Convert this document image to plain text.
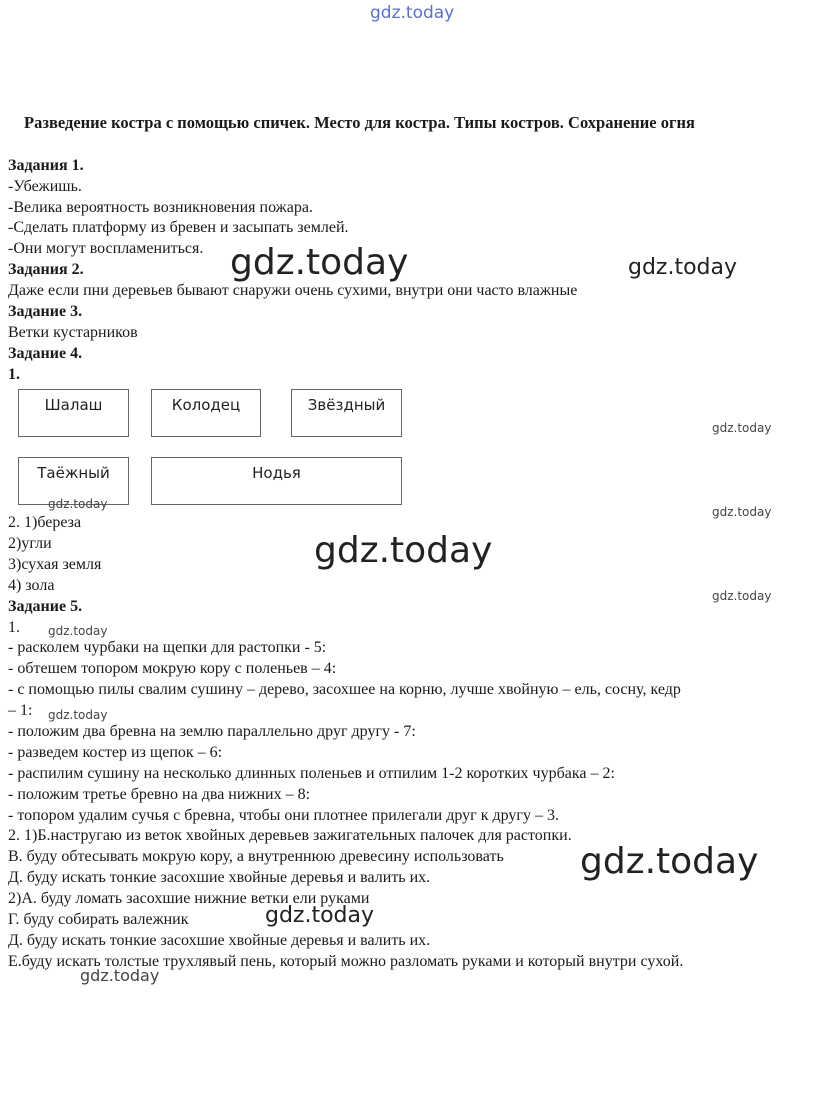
gdz.today
Разведение костра с помощью спичек. Место для костра. Типы костров. Сохранение огня
Задания 1.
-Убежишь.
-Велика вероятность возникновения пожара.
-Сделать платформу из бревен и засыпать землей.
-Они могут воспламениться.
Задания 2.
Даже если пни деревьев бывают снаружи очень сухими, внутри они часто влажные
Задание 3.
Ветки кустарников
Задание 4.
1.
Шалаш	Колодец	Звёздный
Таёжный	Нодья
2. 1)береза
2)угли
3)сухая земля
4) зола
Задание 5.
1.
- расколем чурбаки на щепки для растопки - 5:
- обтешем топором мокрую кору с поленьев – 4:
- с помощью пилы свалим сушину – дерево, засохшее на корню, лучше хвойную – ель, сосну, кедр
– 1:
- положим два бревна на землю параллельно друг другу - 7:
- разведем костер из щепок – 6:
- распилим сушину на несколько длинных поленьев и отпилим 1-2 коротких чурбака – 2:
- положим третье бревно на два нижних – 8:
- топором удалим сучья с бревна, чтобы они плотнее прилегали друг к другу – 3.
2. 1)Б.настругаю из веток хвойных деревьев зажигательных палочек для растопки.
В. буду обтесывать мокрую кору, а внутреннюю древесину использовать
Д. буду искать тонкие засохшие хвойные деревья и валить их.
2)А. буду ломать засохшие нижние ветки ели руками
Г. буду собирать валежник
Д. буду искать тонкие засохшие хвойные деревья и валить их.
Е.буду искать толстые трухлявый пень, который можно разломать руками и который внутри сухой.
gdz.today	gdz.today
gdz.today
gdz.today
gdz.today
gdz.today
gdz.today
gdz.today
gdz.today
gdz.today
gdz.today
gdz.today
